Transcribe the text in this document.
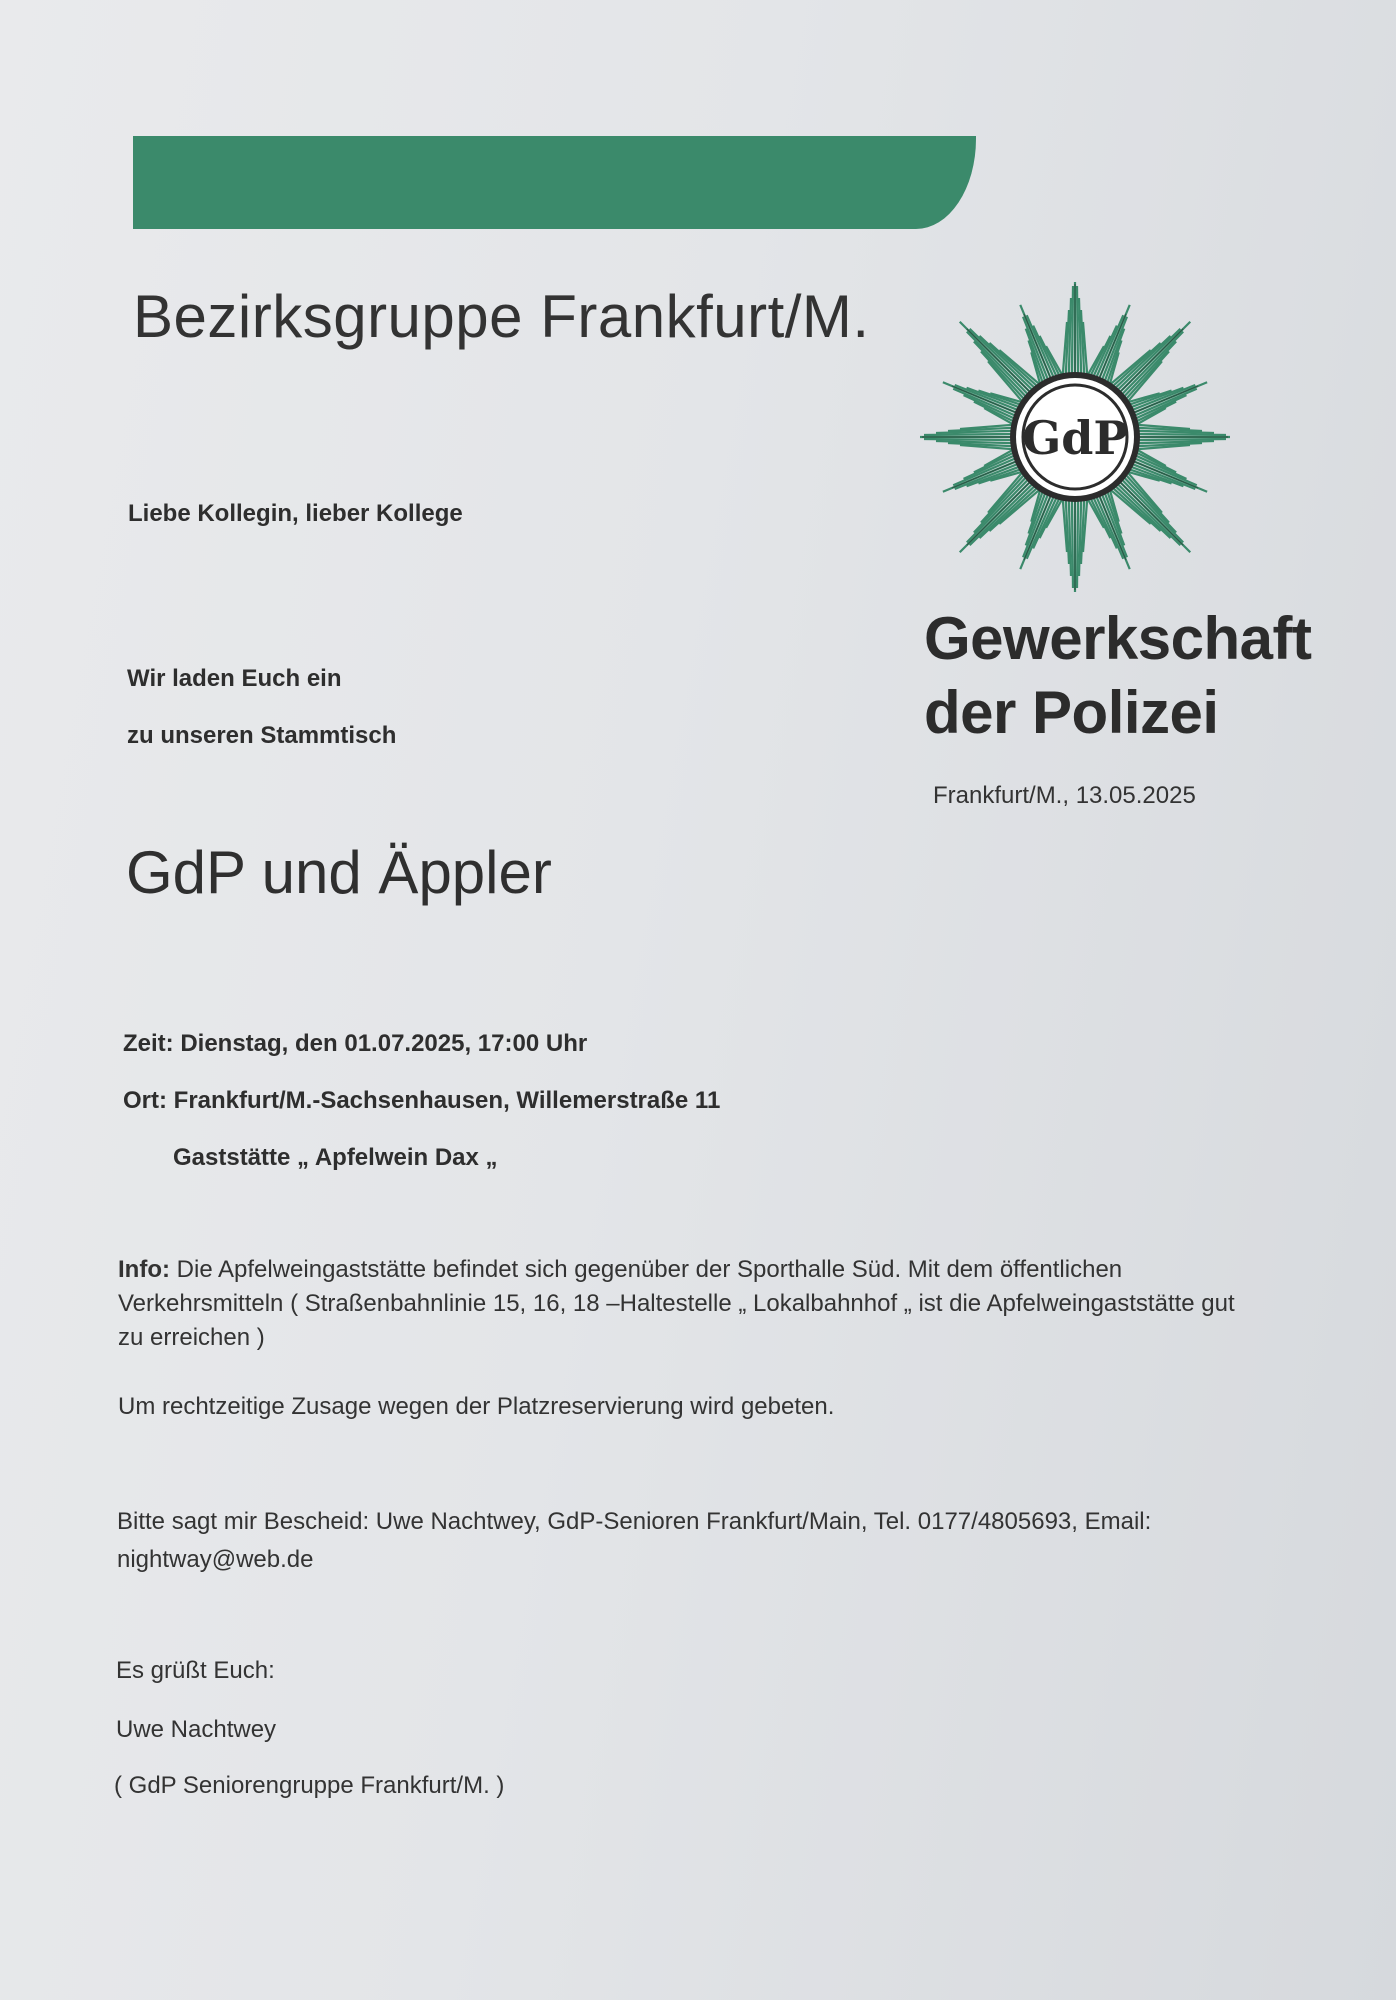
Bezirksgruppe Frankfurt/M.
GdP
Gewerkschaft
der Polizei
Frankfurt/M., 13.05.2025
Liebe Kollegin, lieber Kollege
Wir laden Euch ein
zu unseren Stammtisch
GdP und Äppler
Zeit: Dienstag, den 01.07.2025, 17:00 Uhr
Ort: Frankfurt/M.-Sachsenhausen, Willemerstraße 11
Gaststätte „ Apfelwein Dax „
Info: Die Apfelweingaststätte befindet sich gegenüber der Sporthalle Süd. Mit dem öffentlichen Verkehrsmitteln ( Straßenbahnlinie 15, 16, 18 –Haltestelle „ Lokalbahnhof „ ist die Apfelweingaststätte gut zu erreichen )
Um rechtzeitige Zusage wegen der Platzreservierung wird gebeten.
Bitte sagt mir Bescheid: Uwe Nachtwey, GdP-Senioren Frankfurt/Main, Tel. 0177/4805693, Email: nightway@web.de
Es grüßt Euch:
Uwe Nachtwey
( GdP Seniorengruppe Frankfurt/M. )
